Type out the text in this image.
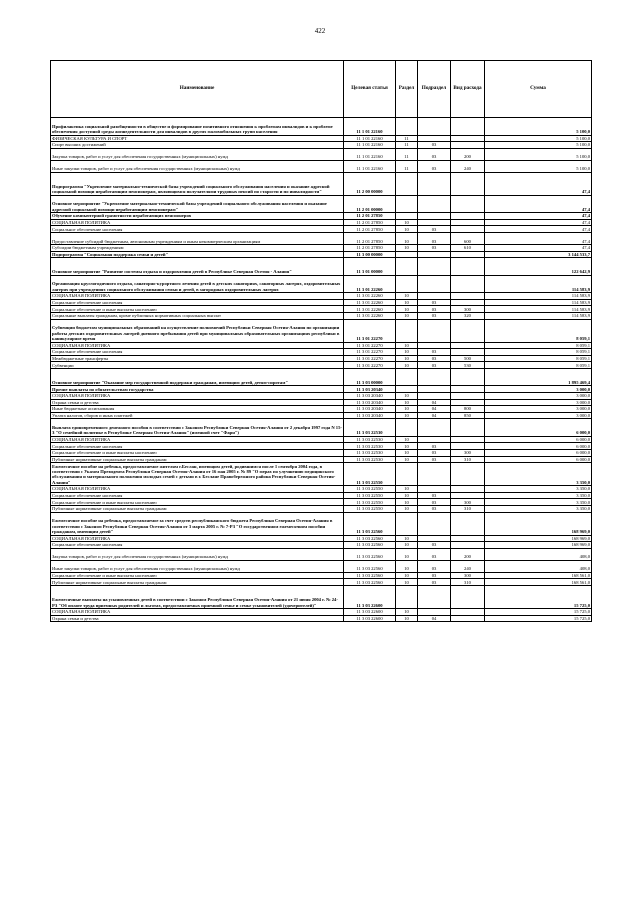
422
Наименование	Целевая статья	Раздел	Подраздел	Вид расхода	Сумма
Профилактика социальной разобщенности в обществе и формирование позитивного отношения к проблемам инвалидов и к проблеме обеспечения доступной среды жизнедеятельности для инвалидов в других маломобильных групп населения	11 1 01 22160				5 100,0
ФИЗИЧЕСКАЯ КУЛЬТУРА И СПОРТ	11 1 01 22160	11			5 100,0
Спорт высших достижений	11 1 01 22160	11	03		5 100,0
Закупка товаров, работ и услуг для обеспечения государственных (муниципальных) нужд	11 1 01 22160	11	03	200	5 100,0
Иные закупки товаров, работ и услуг для обеспечения государственных (муниципальных) нужд	11 1 01 22160	11	03	240	5 100,0
Подпрограмма "Укрепление материально-технической базы учреждений социального обслуживания населения и оказание адресной социальной помощи неработающим пенсионерам, являющимся получателями трудовых пенсий по старости и по инвалидности"	11 2 00 00000				47,4
Основное мероприятие "Укрепление материально-технической базы учреждений социального обслуживания населения и оказание адресной социальной помощи неработающим пенсионерам"	11 2 01 00000				47,4
Обучение компьютерной грамотности неработающих пенсионеров	11 2 01 27850				47,4
СОЦИАЛЬНАЯ ПОЛИТИКА	11 2 01 27850	10			47,4
Социальное обеспечение населения	11 2 01 27850	10	03		47,4
Предоставление субсидий бюджетным, автономным учреждениям и иным некоммерческим организациям	11 2 01 27850	10	03	600	47,4
Субсидии бюджетным учреждениям	11 2 01 27850	10	03	610	47,4
Подпрограмма "Социальная поддержка семьи и детей"	11 3 00 00000				3 144 533,7
Основное мероприятие "Развитие системы отдыха и оздоровления детей в Республике Северная Осетия - Алания"	11 3 01 00000				122 642,9
Организация круглогодичного отдыха, санаторно-курортного лечения детей в детских санаториях, санаторных лагерях, оздоровительных лагерях при учреждениях социального обслуживания семьи и детей, в загородных оздоровительных лагерях	11 3 01 22260				114 583,9
СОЦИАЛЬНАЯ ПОЛИТИКА	11 3 01 22260	10			114 583,9
Социальное обеспечение населения	11 3 01 22260	10	03		114 583,9
Социальное обеспечение и иные выплаты населению	11 3 01 22260	10	03	300	114 583,9
Социальные выплаты гражданам, кроме публичных нормативных социальных выплат	11 3 01 22260	10	03	320	114 583,9
Субвенции бюджетам муниципальных образований на осуществление полномочий Республики Северная Осетия-Алания по организации работы детских оздоровительных лагерей дневного пребывания детей при муниципальных образовательных организациях республики в каникулярное время	11 3 01 22270				8 059,1
СОЦИАЛЬНАЯ ПОЛИТИКА	11 3 01 22270	10			8 059,1
Социальное обеспечение населения	11 3 01 22270	10	03		8 059,1
Межбюджетные трансферты	11 3 01 22270	10	03	500	8 059,1
Субвенции	11 3 01 22270	10	03	530	8 059,1
Основное мероприятие "Оказание мер государственной поддержки гражданам, имеющим детей, детям-сиротам"	11 3 03 00000				1 895 469,4
Прочие выплаты по обязательствам государства	11 3 03 20340				3 000,0
СОЦИАЛЬНАЯ ПОЛИТИКА	11 3 03 20340	10			3 000,0
Охрана семьи и детства	11 3 03 20340	10	04		3 000,0
Иные бюджетные ассигнования	11 3 03 20340	10	04	800	3 000,0
Уплата налогов, сборов и иных платежей	11 3 03 20340	10	04	850	3 000,0
Выплата единовременного денежного пособия в соответствии с Законом Республики Северная Осетия-Алания от 2 декабря 1997 года N 15-З "О семейной политике в Республике Северная Осетия-Алания" (именной счет "Фарн")	11 3 03 22530				6 000,0
СОЦИАЛЬНАЯ ПОЛИТИКА	11 3 03 22530	10			6 000,0
Социальное обеспечение населения	11 3 03 22530	10	03		6 000,0
Социальное обеспечение и иные выплаты населению	11 3 03 22530	10	03	300	6 000,0
Публичные нормативные социальные выплаты гражданам	11 3 03 22530	10	03	310	6 000,0
Ежемесячное пособие на ребенка, предоставляемое жителям г.Беслан, имеющим детей, родившимся после 1 сентября 2004 года, в соответствии с Указом Президента Республики Северная Осетия-Алания от 16 мая 2005 г. № 89 "О мерах по улучшению медицинского обслуживания и материального положения молодых семей с детьми в г. Беслане Правобережного района Республики Северная Осетия-Алания"	11 3 03 22550				3 350,0
СОЦИАЛЬНАЯ ПОЛИТИКА	11 3 03 22550	10			3 350,0
Социальное обеспечение населения	11 3 03 22550	10	03		3 350,0
Социальное обеспечение и иные выплаты населению	11 3 03 22550	10	03	300	3 350,0
Публичные нормативные социальные выплаты гражданам	11 3 03 22550	10	03	310	3 350,0
Ежемесячное пособие на ребенка, предоставляемое за счет средств республиканского бюджета Республики Северная Осетия-Алания в соответствии с Законом Республики Северная Осетия-Алания от 3 марта 2005 г. № 7-РЗ "О государственном ежемесячном пособии гражданам, имеющим детей"	11 3 03 22560				168 969,0
СОЦИАЛЬНАЯ ПОЛИТИКА	11 3 03 22560	10			168 969,0
Социальное обеспечение населения	11 3 03 22560	10	03		168 969,0
Закупка товаров, работ и услуг для обеспечения государственных (муниципальных) нужд	11 3 03 22560	10	03	200	408,0
Иные закупки товаров, работ и услуг для обеспечения государственных (муниципальных) нужд	11 3 03 22560	10	03	240	408,0
Социальное обеспечение и иные выплаты населению	11 3 03 22560	10	03	300	168 561,0
Публичные нормативные социальные выплаты гражданам	11 3 03 22560	10	03	310	168 561,0
Ежемесячные выплаты на усыновленных детей в соответствии с Законом Республики Северная Осетия-Алания от 21 июня 2004 г. № 24-РЗ "Об оплате труда приемных родителей и льготах, предоставляемых приемной семье и семье усыновителей (удочерителей)"	11 3 03 22600				15 725,0
СОЦИАЛЬНАЯ ПОЛИТИКА	11 3 03 22600	10			15 725,0
Охрана семьи и детства	11 3 03 22600	10	04		15 725,0
